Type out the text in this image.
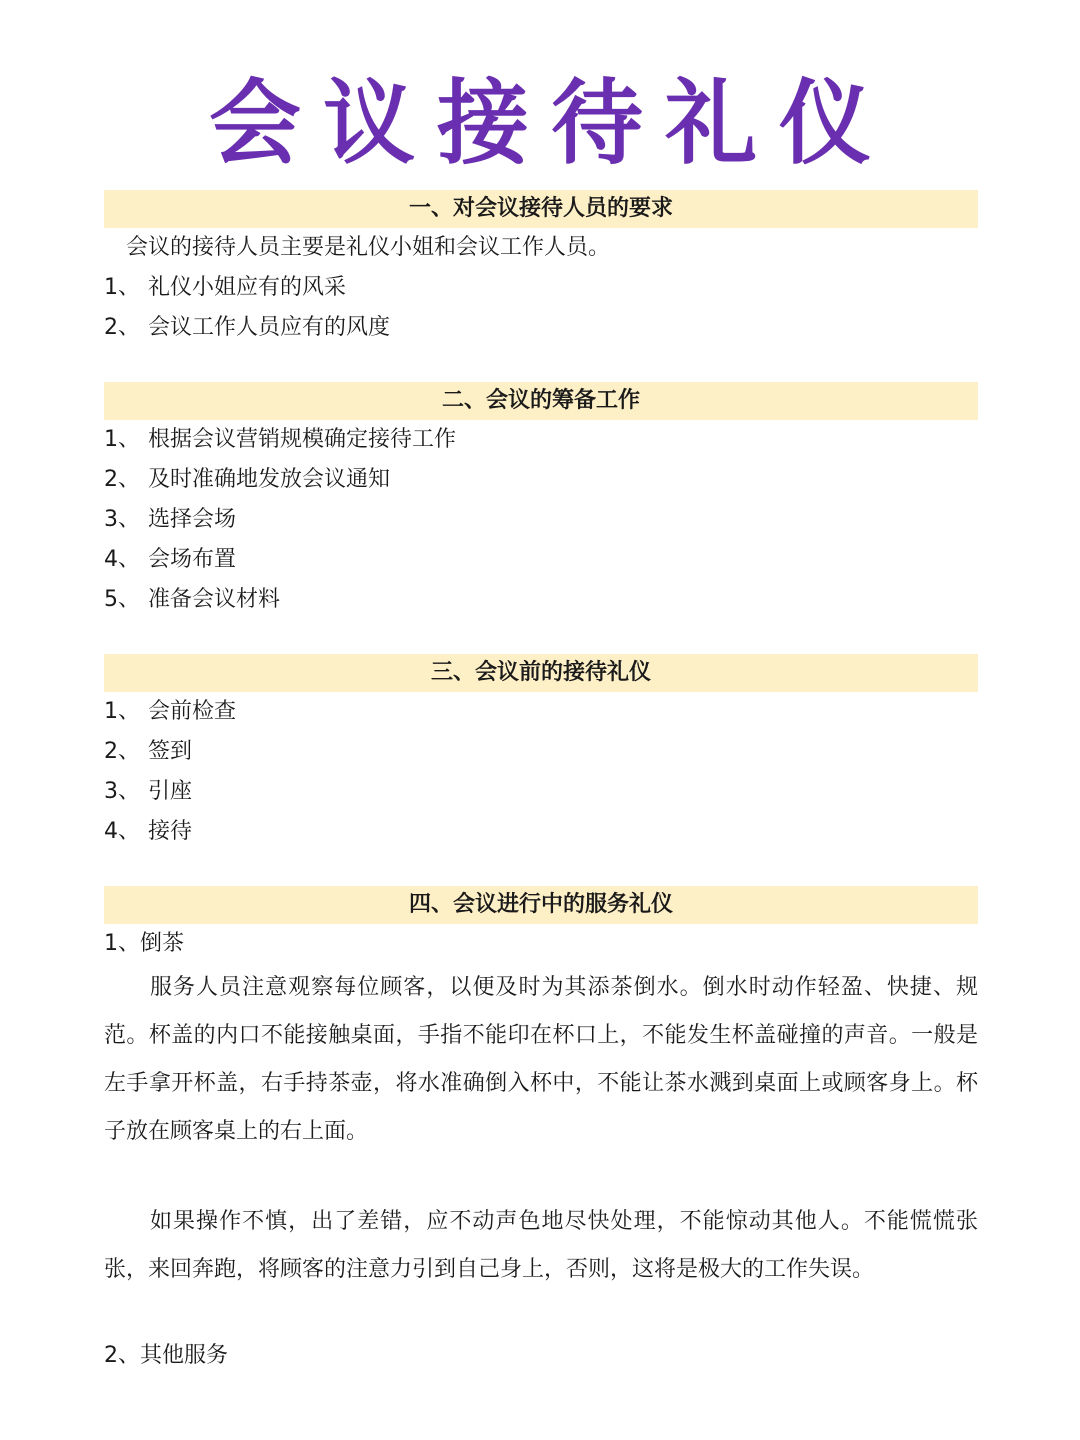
会议接待礼仪
一、对会议接待人员的要求
会议的接待人员主要是礼仪小姐和会议工作人员。
1、 礼仪小姐应有的风采
2、 会议工作人员应有的风度
二、会议的筹备工作
1、 根据会议营销规模确定接待工作
2、 及时准确地发放会议通知
3、 选择会场
4、 会场布置
5、 准备会议材料
三、会议前的接待礼仪
1、 会前检查
2、 签到
3、 引座
4、 接待
四、会议进行中的服务礼仪
1、倒茶

服务人员注意观察每位顾客，以便及时为其添茶倒水。倒水时动作轻盈、快捷、规范。杯盖的内口不能接触桌面，手指不能印在杯口上，不能发生杯盖碰撞的声音。一般是左手拿开杯盖，右手持茶壶，将水准确倒入杯中，不能让茶水溅到桌面上或顾客身上。杯子放在顾客桌上的右上面。

如果操作不慎，出了差错，应不动声色地尽快处理，不能惊动其他人。不能慌慌张张，来回奔跑，将顾客的注意力引到自己身上，否则，这将是极大的工作失误。

2、其他服务
